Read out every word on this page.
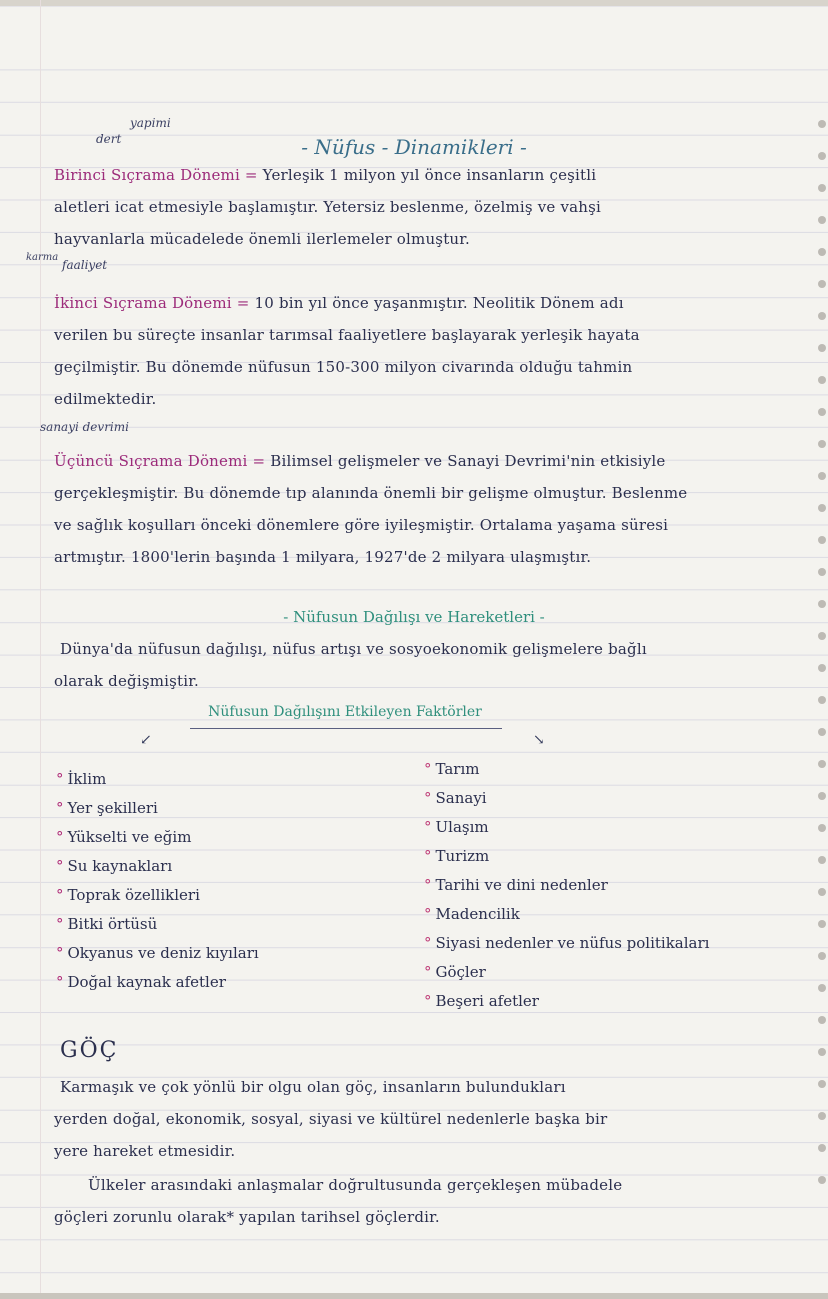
dert
yapimi
- Nüfus - Dinamikleri -
Birinci Sıçrama Dönemi = Yerleşik 1 milyon yıl önce insanların çeşitli
aletleri icat etmesiyle başlamıştır. Yetersiz beslenme, özelmiş ve vahşi
hayvanlarla mücadelede önemli ilerlemeler olmuştur.
karma
faaliyet
İkinci Sıçrama Dönemi = 10 bin yıl önce yaşanmıştır. Neolitik Dönem adı
verilen bu süreçte insanlar tarımsal faaliyetlere başlayarak yerleşik hayata
geçilmiştir. Bu dönemde nüfusun 150-300 milyon civarında olduğu tahmin
edilmektedir.
sanayi devrimi
Üçüncü Sıçrama Dönemi = Bilimsel gelişmeler ve Sanayi Devrimi'nin etkisiyle
gerçekleşmiştir. Bu dönemde tıp alanında önemli bir gelişme olmuştur. Beslenme
ve sağlık koşulları önceki dönemlere göre iyileşmiştir. Ortalama yaşama süresi
artmıştır. 1800'lerin başında 1 milyara, 1927'de 2 milyara ulaşmıştır.
- Nüfusun Dağılışı ve Hareketleri -
Dünya'da nüfusun dağılışı, nüfus artışı ve sosyoekonomik gelişmelere bağlı
olarak değişmiştir.
Nüfusun Dağılışını Etkileyen Faktörler
↙	↘
° İklim
° Yer şekilleri
° Yükselti ve eğim
° Su kaynakları
° Toprak özellikleri
° Bitki örtüsü
° Okyanus ve deniz kıyıları
° Doğal kaynak afetler
° Tarım
° Sanayi
° Ulaşım
° Turizm
° Tarihi ve dini nedenler
° Madencilik
° Siyasi nedenler ve nüfus politikaları
° Göçler
° Beşeri afetler
GÖÇ
Karmaşık ve çok yönlü bir olgu olan göç, insanların bulundukları
yerden doğal, ekonomik, sosyal, siyasi ve kültürel nedenlerle başka bir
yere hareket etmesidir.
Ülkeler arasındaki anlaşmalar doğrultusunda gerçekleşen mübadele
göçleri zorunlu olarak* yapılan tarihsel göçlerdir.
